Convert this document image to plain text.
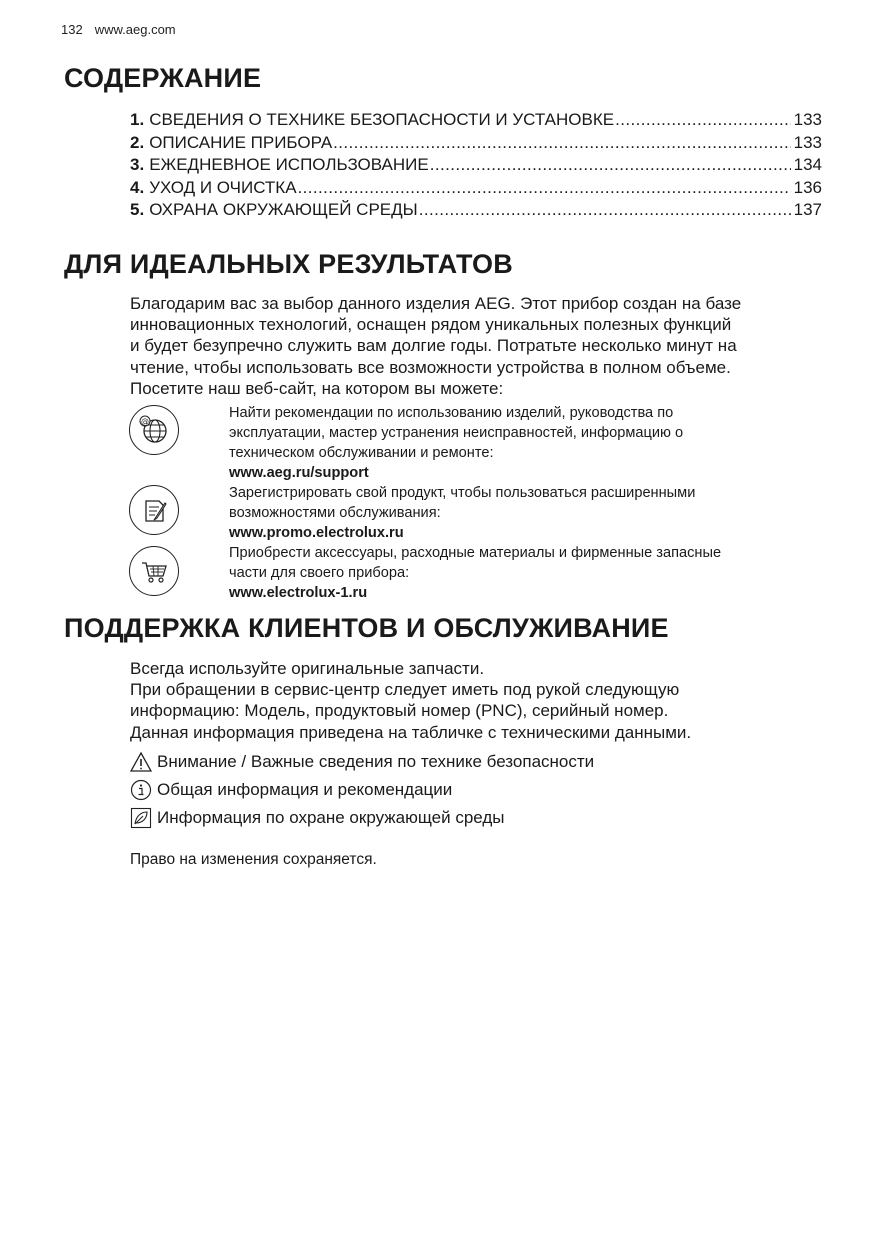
132 www.aeg.com
СОДЕРЖАНИЕ
1. СВЕДЕНИЯ О ТЕХНИКЕ БЕЗОПАСНОСТИ И УСТАНОВКЕ .....	133
2. ОПИСАНИЕ ПРИБОРА .....	133
3. ЕЖЕДНЕВНОЕ ИСПОЛЬЗОВАНИЕ .....	134
4. УХОД И ОЧИСТКА .....	136
5. ОХРАНА ОКРУЖАЮЩЕЙ СРЕДЫ .....	137
ДЛЯ ИДЕАЛЬНЫХ РЕЗУЛЬТАТОВ

Благодарим вас за выбор данного изделия AEG. Этот прибор создан на базе

инновационных технологий, оснащен рядом уникальных полезных функций

и будет безупречно служить вам долгие годы. Потратьте несколько минут на

чтение, чтобы использовать все возможности устройства в полном объеме.

Посетите наш веб-сайт, на котором вы можете:

@
Найти рекомендации по использованию изделий, руководства по
эксплуатации, мастер устранения неисправностей, информацию о
техническом обслуживании и ремонте:
www.aeg.ru/support
Зарегистрировать свой продукт, чтобы пользоваться расширенными
возможностями обслуживания:
www.promo.electrolux.ru
Приобрести аксессуары, расходные материалы и фирменные запасные
части для своего прибора:
www.electrolux-1.ru
ПОДДЕРЖКА КЛИЕНТОВ И ОБСЛУЖИВАНИЕ

Всегда используйте оригинальные запчасти.

При обращении в сервис-центр следует иметь под рукой следующую

информацию: Модель, продуктовый номер (PNC), серийный номер.

Данная информация приведена на табличке с техническими данными.

Внимание / Важные сведения по технике безопасности
Общая информация и рекомендации
Информация по охране окружающей среды
Право на изменения сохраняется.
